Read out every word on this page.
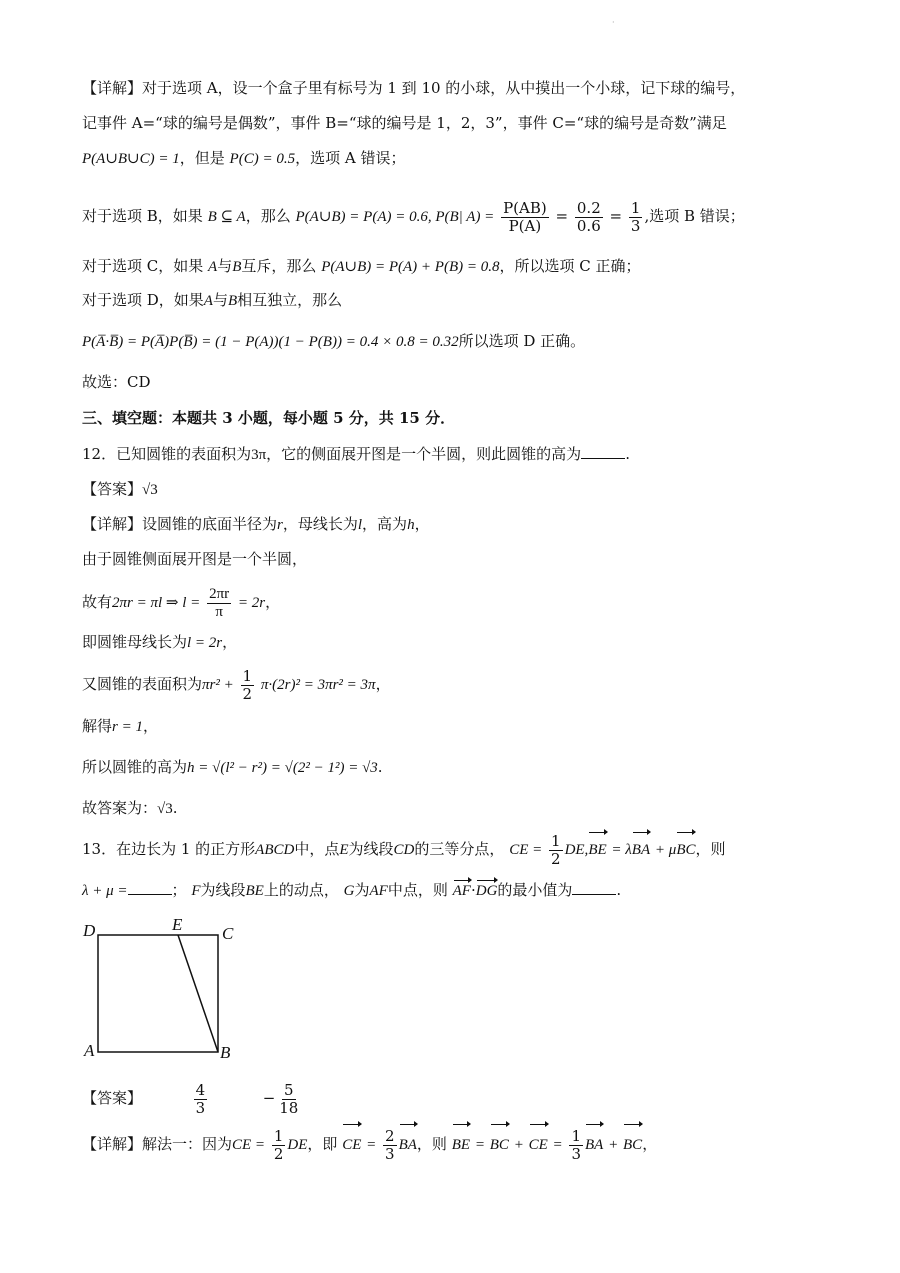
·
【详解】对于选项 A，设一个盒子里有标号为 1 到 10 的小球，从中摸出一个小球，记下球的编号，
记事件 A=“球的编号是偶数”，事件 B=“球的编号是 1，2，3”，事件 C=“球的编号是奇数”满足
P(A∪B∪C) = 1，但是 P(C) = 0.5，选项 A 错误；
对于选项 B，如果 B ⊆ A，那么 P(A∪B) = P(A) = 0.6, P(B| $A) = \frac{P(AB)}{P(A)} = \frac{0.2}{0.6} = \frac{1}{3}$ ,选项 B 错误；
对于选项 C，如果 A与B互斥，那么 P(A∪B) = P(A) + P(B) = 0.8，所以选项 C 正确；
对于选项 D，如果A与B相互独立，那么
P(A̅·B̅) = P(A̅)P(B̅) = (1 − P(A))(1 − P(B)) = 0.4 × 0.8 = 0.32所以选项 D 正确。
故选：CD
三、填空题：本题共 3 小题，每小题 5 分，共 15 分．
12．已知圆锥的表面积为3π，它的侧面展开图是一个半圆，则此圆锥的高为	.
【答案】√3
【详解】设圆锥的底面半径为r，母线长为l，高为h，
由于圆锥侧面展开图是一个半圆，
故有2πr = πl ⇒ $l = \frac{2\pi r}{\pi} = 2r$，
即圆锥母线长为l = 2r，
又圆锥的表面积为$\pi r^2 + \frac{1}{2} \pi\cdot(2r)^2 = 3\pi r^2 = 3\pi$，
解得r = 1，
所以圆锥的高为h = √(l² − r²) = √(2² − 1²) = √3.
故答案为：√3.
13．在边长为 1 的正方形ABCD中，点E为线段CD的三等分点， CE = $\frac{1}{2} DE,BE = \lambda BA + \mu BC$，则
λ + μ =	； F为线段BE上的动点， G为AF中点，则 AF·DG的最小值为	.
D	E C
A	B
【答案】	$\frac{4}{3}$	− $\frac{5}{18}$
【详解】解法一：因为CE = $\frac{1}{2}$ DE，即 CE = $\frac{2}{3}$ BA，则 BE = BC + CE = $\frac{1}{3}$ BA + BC，
